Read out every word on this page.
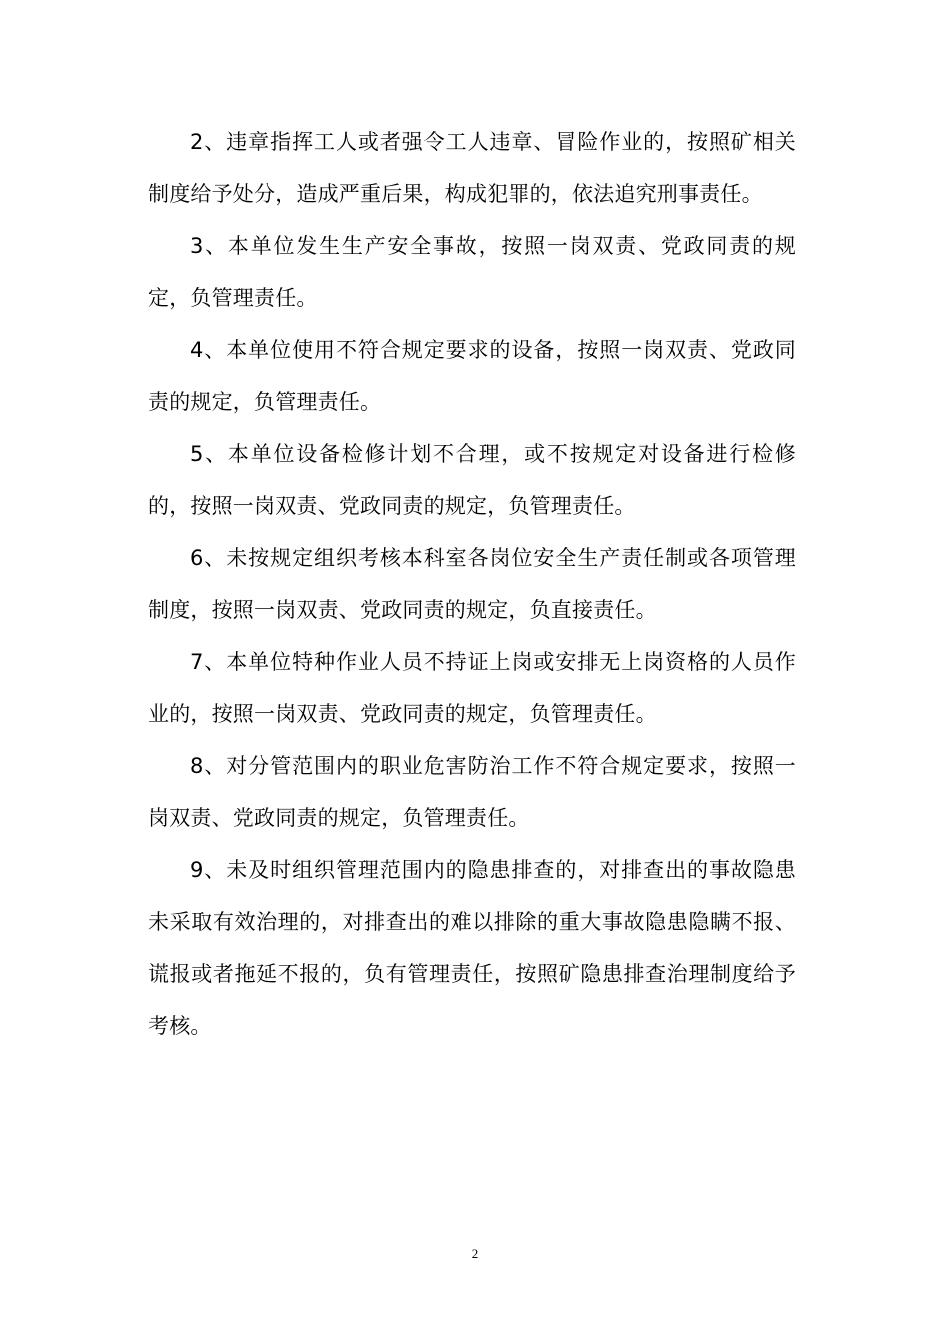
2、违章指挥工人或者强令工人违章、冒险作业的，按照矿相关制度给予处分，造成严重后果，构成犯罪的，依法追究刑事责任。

3、本单位发生生产安全事故，按照一岗双责、党政同责的规定，负管理责任。

4、本单位使用不符合规定要求的设备，按照一岗双责、党政同责的规定，负管理责任。

5、本单位设备检修计划不合理，或不按规定对设备进行检修的，按照一岗双责、党政同责的规定，负管理责任。

6、未按规定组织考核本科室各岗位安全生产责任制或各项管理制度，按照一岗双责、党政同责的规定，负直接责任。

7、本单位特种作业人员不持证上岗或安排无上岗资格的人员作业的，按照一岗双责、党政同责的规定，负管理责任。

8、对分管范围内的职业危害防治工作不符合规定要求，按照一岗双责、党政同责的规定，负管理责任。

9、未及时组织管理范围内的隐患排查的，对排查出的事故隐患未采取有效治理的，对排查出的难以排除的重大事故隐患隐瞒不报、谎报或者拖延不报的，负有管理责任，按照矿隐患排查治理制度给予考核。

2
